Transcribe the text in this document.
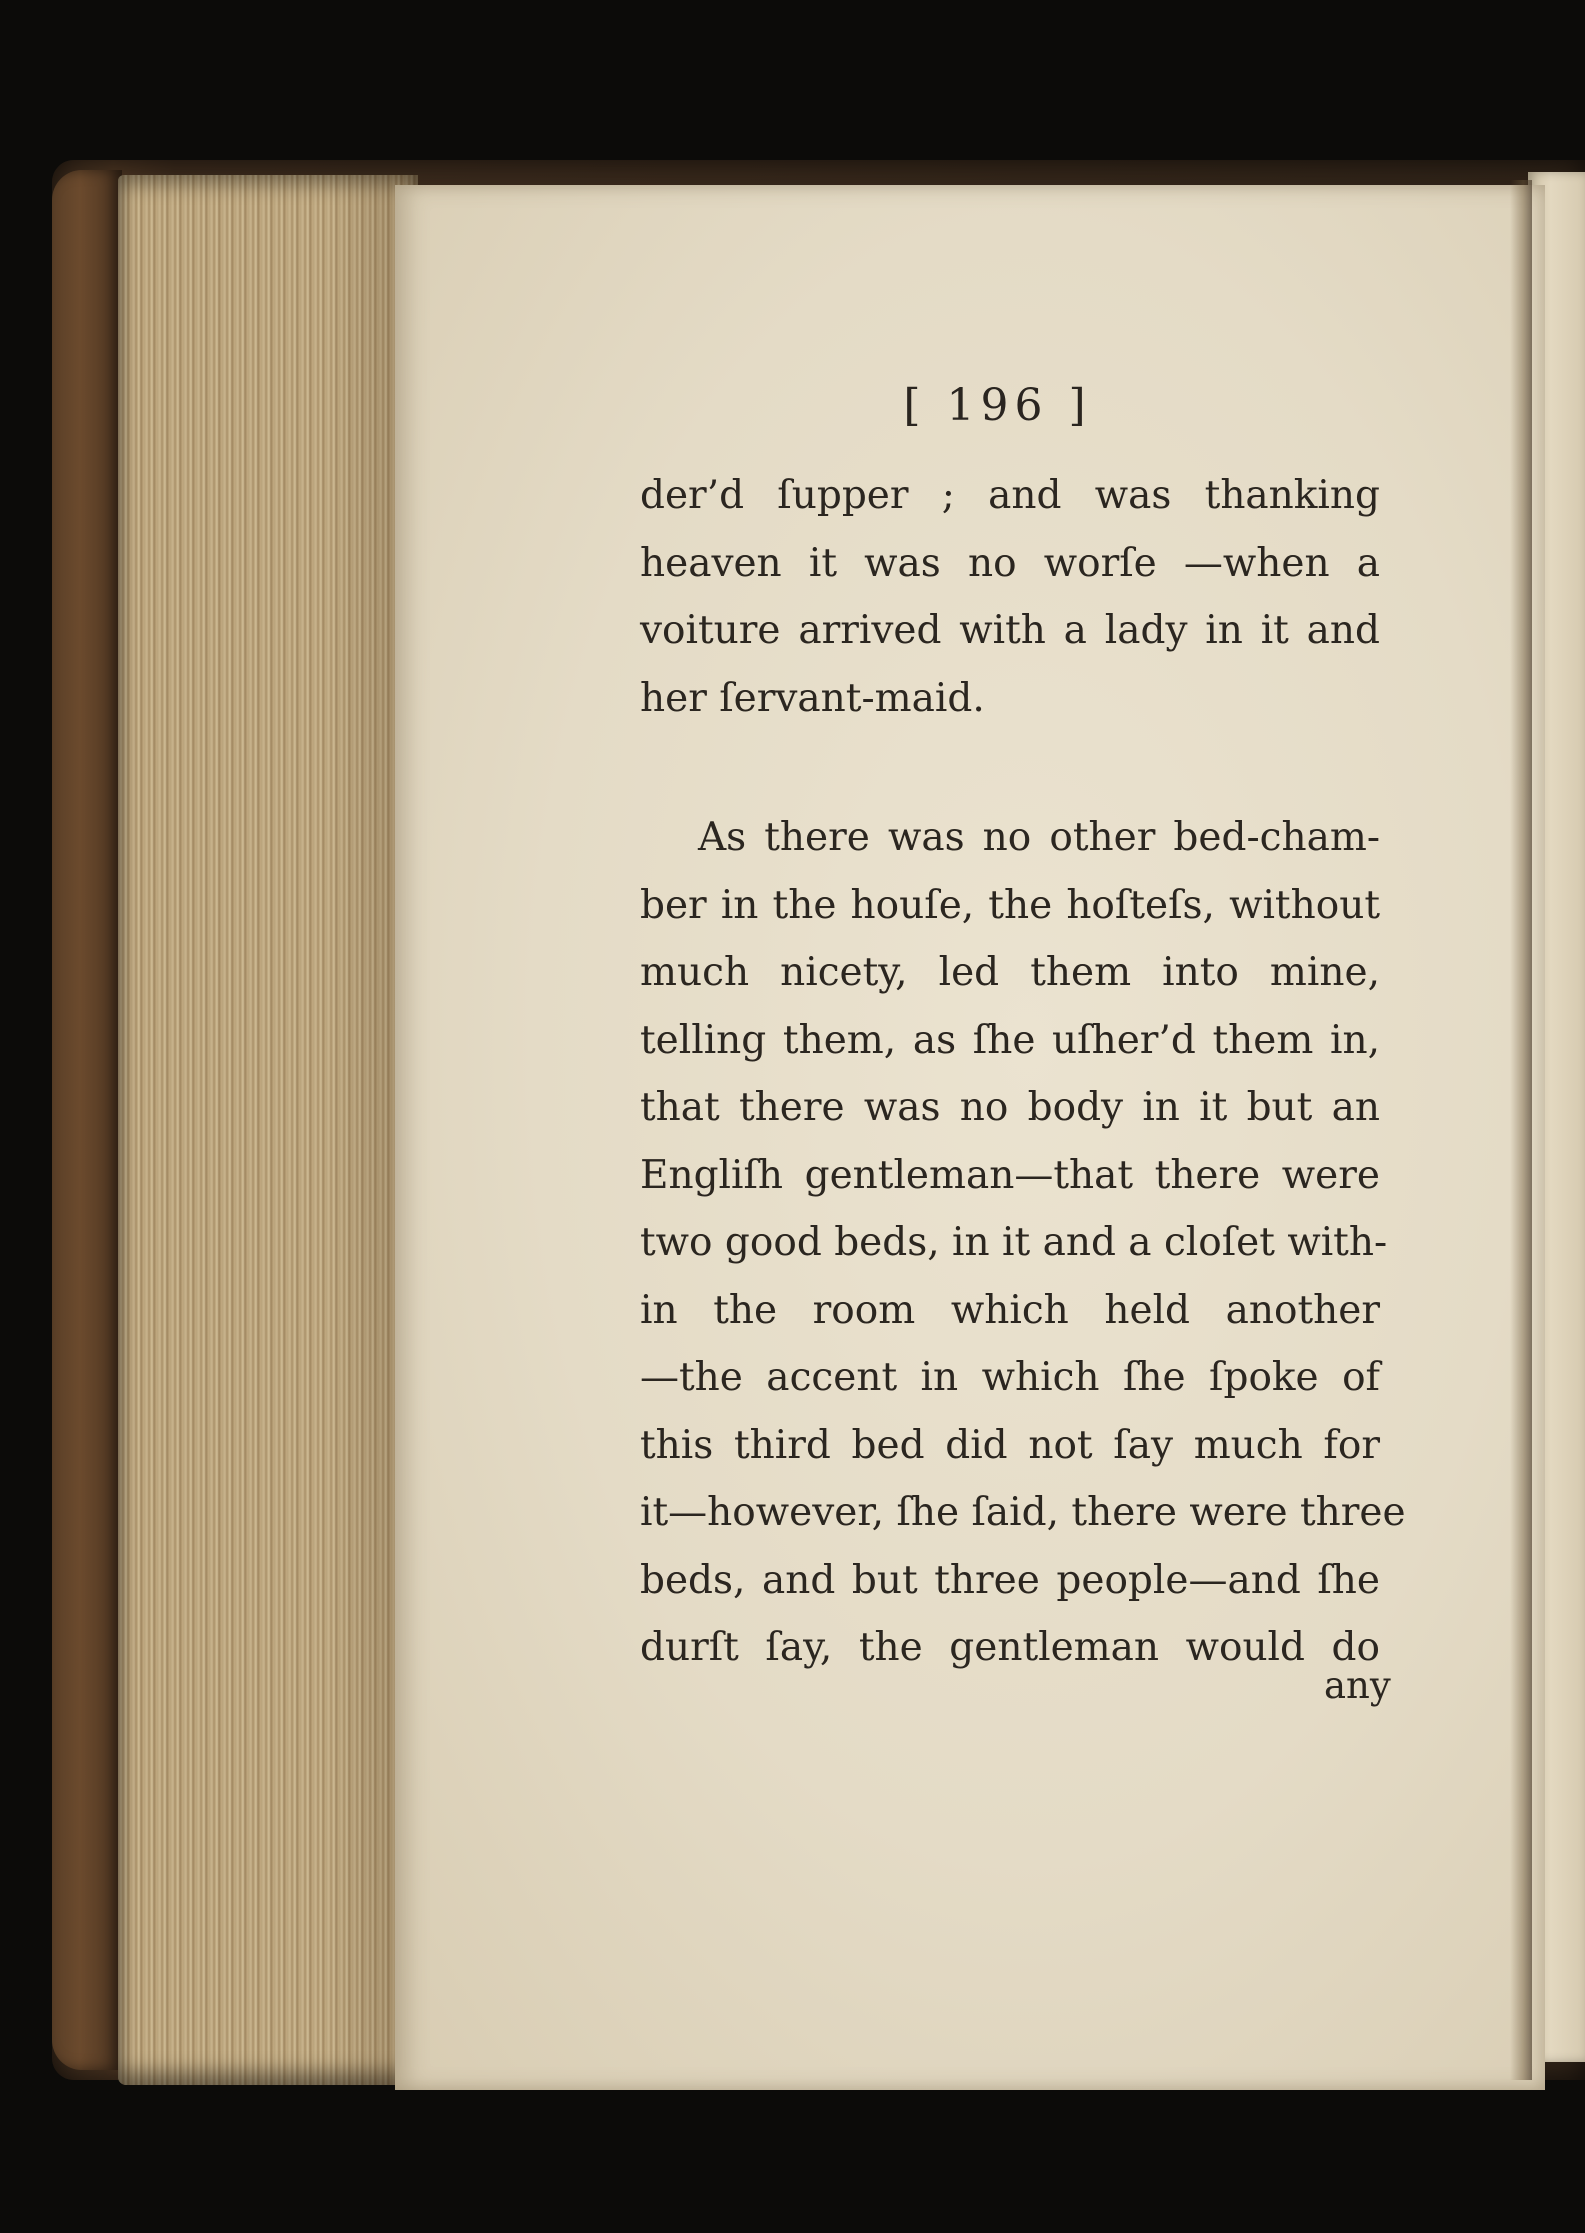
[ 196 ]
der’d ſupper ; and was thanking
heaven it was no worſe —when a
voiture arrived with a lady in it and
her ſervant-maid.
As there was no other bed-cham-
ber in the houſe, the hoſteſs, without
much nicety, led them into mine,
telling them, as ſhe uſher’d them in,
that there was no body in it but an
Engliſh gentleman—that there were
two good beds, in it and a cloſet with-
in the room which held another
—the accent in which ſhe ſpoke of
this third bed did not ſay much for
it—however, ſhe ſaid, there were three
beds, and but three people—and ſhe
durſt ſay, the gentleman would do
any
